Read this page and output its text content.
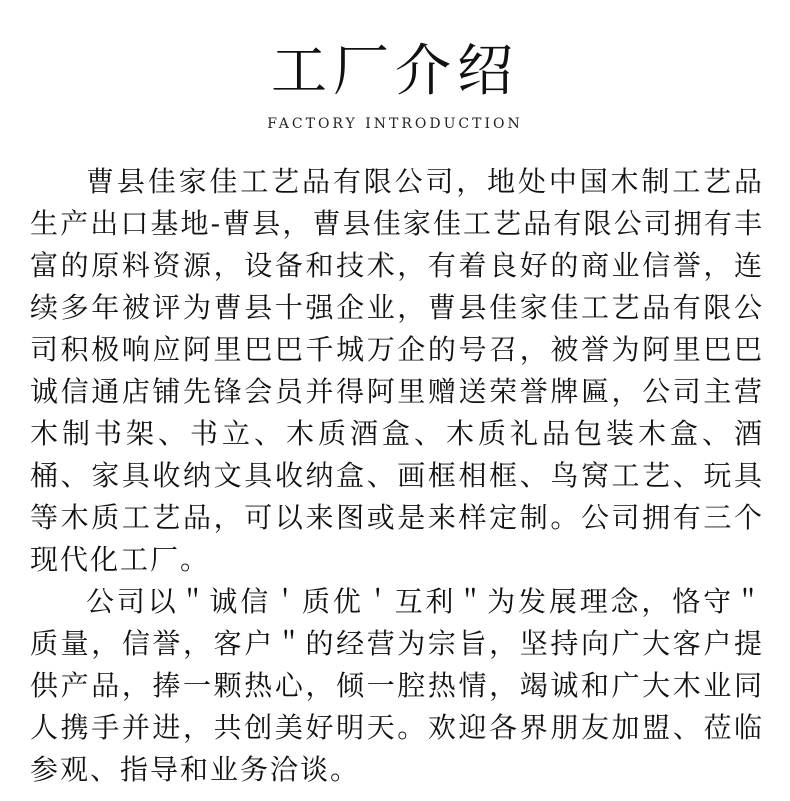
工厂介绍
FACTORY INTRODUCTION

曹县佳家佳工艺品有限公司，地处中国木制工艺品生产出口基地-曹县，曹县佳家佳工艺品有限公司拥有丰富的原料资源，设备和技术，有着良好的商业信誉，连续多年被评为曹县十强企业，曹县佳家佳工艺品有限公司积极响应阿里巴巴千城万企的号召，被誉为阿里巴巴诚信通店铺先锋会员并得阿里赠送荣誉牌匾，公司主营木制书架、书立、木质酒盒、木质礼品包装木盒、酒桶、家具收纳文具收纳盒、画框相框、鸟窝工艺、玩具等木质工艺品，可以来图或是来样定制。公司拥有三个现代化工厂。

公司以＂诚信＇质优＇互利＂为发展理念，恪守＂质量，信誉，客户＂的经营为宗旨，坚持向广大客户提供产品，捧一颗热心，倾一腔热情，竭诚和广大木业同人携手并进，共创美好明天。欢迎各界朋友加盟、莅临参观、指导和业务洽谈。
